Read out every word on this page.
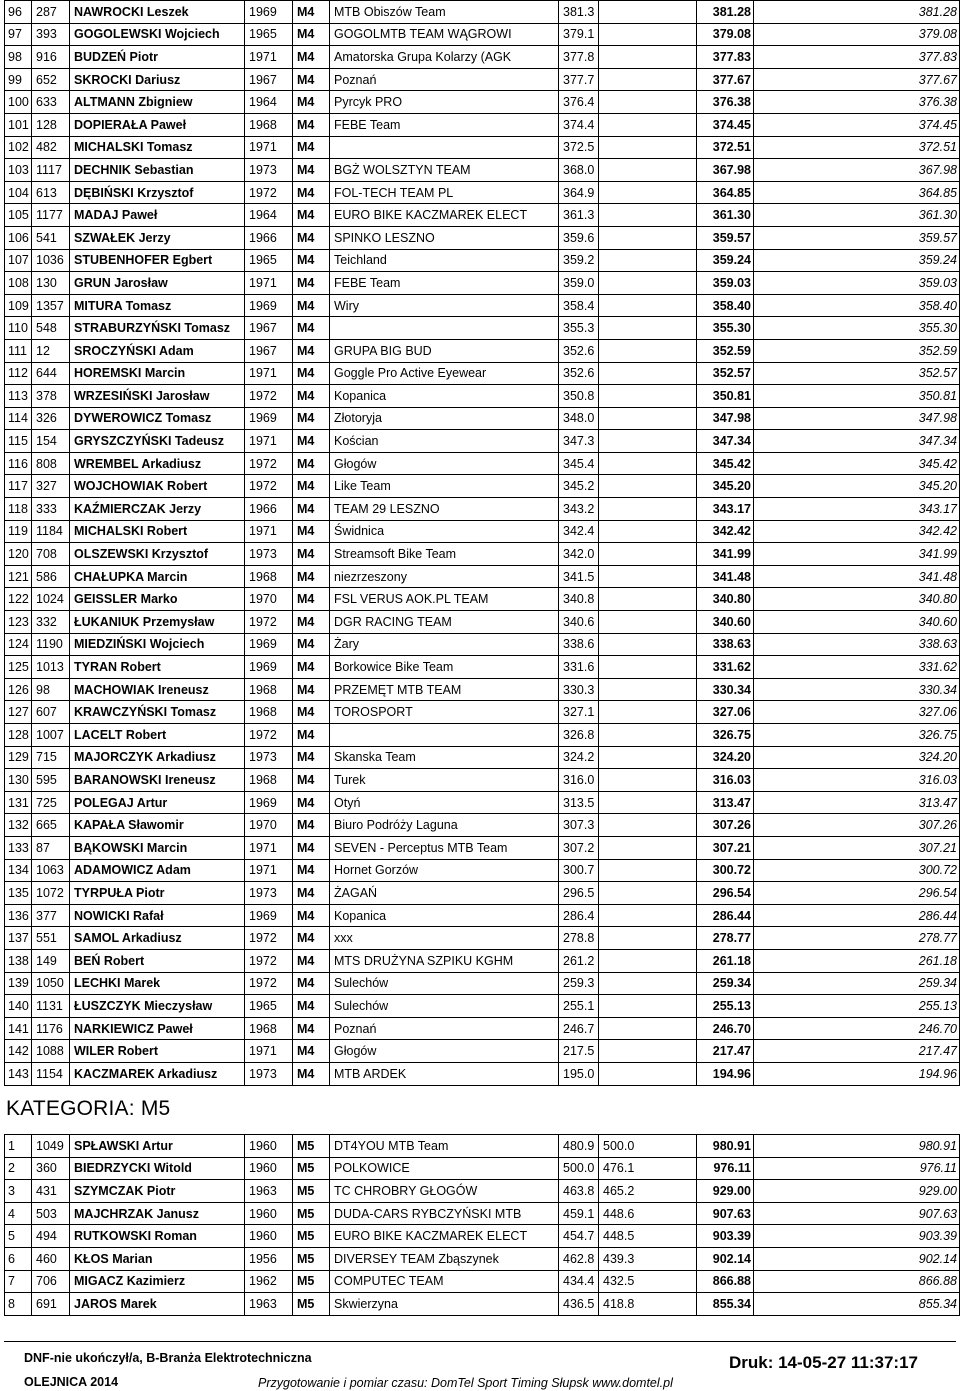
96	287	NAWROCKI Leszek	1969	M4	MTB Obiszów Team	381.3		381.28	381.28
97	393	GOGOLEWSKI Wojciech	1965	M4	GOGOLMTB TEAM WĄGROWI	379.1		379.08	379.08
98	916	BUDZEŃ Piotr	1971	M4	Amatorska Grupa Kolarzy (AGK	377.8		377.83	377.83
99	652	SKROCKI Dariusz	1967	M4	Poznań	377.7		377.67	377.67
100	633	ALTMANN Zbigniew	1964	M4	Pyrcyk PRO	376.4		376.38	376.38
101	128	DOPIERAŁA Paweł	1968	M4	FEBE Team	374.4		374.45	374.45
102	482	MICHALSKI Tomasz	1971	M4		372.5		372.51	372.51
103	1117	DECHNIK Sebastian	1973	M4	BGŻ WOLSZTYN TEAM	368.0		367.98	367.98
104	613	DĘBIŃSKI Krzysztof	1972	M4	FOL-TECH TEAM PL	364.9		364.85	364.85
105	1177	MADAJ Paweł	1964	M4	EURO BIKE KACZMAREK ELECT	361.3		361.30	361.30
106	541	SZWAŁEK Jerzy	1966	M4	SPINKO LESZNO	359.6		359.57	359.57
107	1036	STUBENHOFER Egbert	1965	M4	Teichland	359.2		359.24	359.24
108	130	GRUN Jarosław	1971	M4	FEBE Team	359.0		359.03	359.03
109	1357	MITURA Tomasz	1969	M4	Wiry	358.4		358.40	358.40
110	548	STRABURZYŃSKI Tomasz	1967	M4		355.3		355.30	355.30
111	12	SROCZYŃSKI Adam	1967	M4	GRUPA BIG BUD	352.6		352.59	352.59
112	644	HOREMSKI Marcin	1971	M4	Goggle Pro Active Eyewear	352.6		352.57	352.57
113	378	WRZESIŃSKI Jarosław	1972	M4	Kopanica	350.8		350.81	350.81
114	326	DYWEROWICZ Tomasz	1969	M4	Złotoryja	348.0		347.98	347.98
115	154	GRYSZCZYŃSKI Tadeusz	1971	M4	Kościan	347.3		347.34	347.34
116	808	WREMBEL Arkadiusz	1972	M4	Głogów	345.4		345.42	345.42
117	327	WOJCHOWIAK Robert	1972	M4	Like Team	345.2		345.20	345.20
118	333	KAŹMIERCZAK Jerzy	1966	M4	TEAM 29 LESZNO	343.2		343.17	343.17
119	1184	MICHALSKI Robert	1971	M4	Świdnica	342.4		342.42	342.42
120	708	OLSZEWSKI Krzysztof	1973	M4	Streamsoft Bike Team	342.0		341.99	341.99
121	586	CHAŁUPKA Marcin	1968	M4	niezrzeszony	341.5		341.48	341.48
122	1024	GEISSLER Marko	1970	M4	FSL VERUS AOK.PL TEAM	340.8		340.80	340.80
123	332	ŁUKANIUK Przemysław	1972	M4	DGR RACING TEAM	340.6		340.60	340.60
124	1190	MIEDZIŃSKI Wojciech	1969	M4	Żary	338.6		338.63	338.63
125	1013	TYRAN Robert	1969	M4	Borkowice Bike Team	331.6		331.62	331.62
126	98	MACHOWIAK Ireneusz	1968	M4	PRZEMĘT MTB TEAM	330.3		330.34	330.34
127	607	KRAWCZYŃSKI Tomasz	1968	M4	TOROSPORT	327.1		327.06	327.06
128	1007	LACELT Robert	1972	M4		326.8		326.75	326.75
129	715	MAJORCZYK Arkadiusz	1973	M4	Skanska Team	324.2		324.20	324.20
130	595	BARANOWSKI Ireneusz	1968	M4	Turek	316.0		316.03	316.03
131	725	POLEGAJ Artur	1969	M4	Otyń	313.5		313.47	313.47
132	665	KAPAŁA Sławomir	1970	M4	Biuro Podróży Laguna	307.3		307.26	307.26
133	87	BĄKOWSKI Marcin	1971	M4	SEVEN - Perceptus MTB Team	307.2		307.21	307.21
134	1063	ADAMOWICZ Adam	1971	M4	Hornet Gorzów	300.7		300.72	300.72
135	1072	TYRPUŁA Piotr	1973	M4	ŻAGAŃ	296.5		296.54	296.54
136	377	NOWICKI Rafał	1969	M4	Kopanica	286.4		286.44	286.44
137	551	SAMOL Arkadiusz	1972	M4	xxx	278.8		278.77	278.77
138	149	BEŃ Robert	1972	M4	MTS DRUŻYNA SZPIKU KGHM	261.2		261.18	261.18
139	1050	LECHKI Marek	1972	M4	Sulechów	259.3		259.34	259.34
140	1131	ŁUSZCZYK Mieczysław	1965	M4	Sulechów	255.1		255.13	255.13
141	1176	NARKIEWICZ Paweł	1968	M4	Poznań	246.7		246.70	246.70
142	1088	WILER Robert	1971	M4	Głogów	217.5		217.47	217.47
143	1154	KACZMAREK Arkadiusz	1973	M4	MTB ARDEK	195.0		194.96	194.96
KATEGORIA: M5
1	1049	SPŁAWSKI Artur	1960	M5	DT4YOU MTB Team	480.9	500.0	980.91	980.91
2	360	BIEDRZYCKI Witold	1960	M5	POLKOWICE	500.0	476.1	976.11	976.11
3	431	SZYMCZAK Piotr	1963	M5	TC CHROBRY GŁOGÓW	463.8	465.2	929.00	929.00
4	503	MAJCHRZAK Janusz	1960	M5	DUDA-CARS RYBCZYŃSKI MTB	459.1	448.6	907.63	907.63
5	494	RUTKOWSKI Roman	1960	M5	EURO BIKE KACZMAREK ELECT	454.7	448.5	903.39	903.39
6	460	KŁOS Marian	1956	M5	DIVERSEY TEAM Zbąszynek	462.8	439.3	902.14	902.14
7	706	MIGACZ Kazimierz	1962	M5	COMPUTEC TEAM	434.4	432.5	866.88	866.88
8	691	JAROS Marek	1963	M5	Skwierzyna	436.5	418.8	855.34	855.34
DNF-nie ukończył/a, B-Branża Elektrotechniczna
OLEJNICA 2014
Druk: 14-05-27 11:37:17
Przygotowanie i pomiar czasu: DomTel Sport Timing Słupsk www.domtel.pl
